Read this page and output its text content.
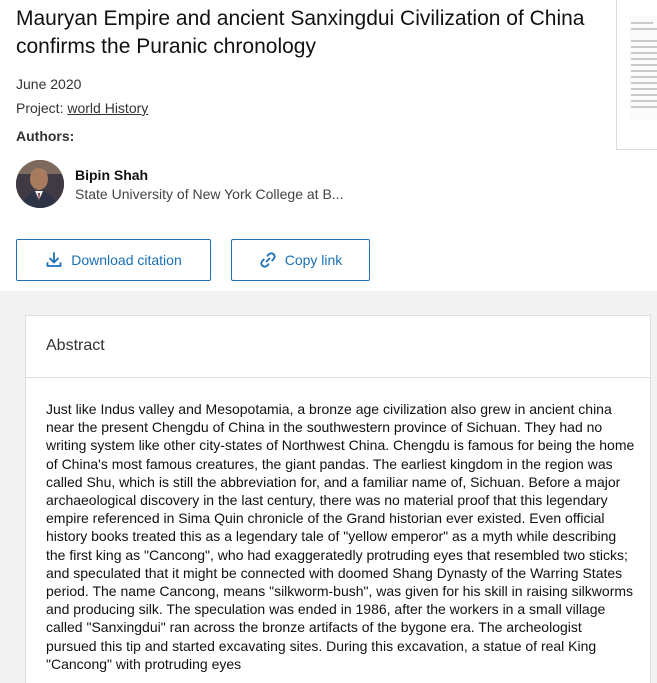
Mauryan Empire and ancient Sanxingdui Civilization of China confirms the Puranic chronology
June 2020
Project: world History
Authors:
Bipin Shah
State University of New York College at B...
Download citation	Copy link
Abstract

Just like Indus valley and Mesopotamia, a bronze age civilization also grew in ancient china near the present Chengdu of China in the southwestern province of Sichuan. They had no writing system like other city-states of Northwest China. Chengdu is famous for being the home of China's most famous creatures, the giant pandas. The earliest kingdom in the region was called Shu, which is still the abbreviation for, and a familiar name of, Sichuan. Before a major archaeological discovery in the last century, there was no material proof that this legendary empire referenced in Sima Quin chronicle of the Grand historian ever existed. Even official history books treated this as a legendary tale of "yellow emperor" as a myth while describing the first king as "Cancong", who had exaggeratedly protruding eyes that resembled two sticks; and speculated that it might be connected with doomed Shang Dynasty of the Warring States period. The name Cancong, means "silkworm-bush", was given for his skill in raising silkworms and producing silk. The speculation was ended in 1986, after the workers in a small village called "Sanxingdui" ran across the bronze artifacts of the bygone era. The archeologist pursued this tip and started excavating sites. During this excavation, a statue of real King "Cancong" with protruding eyes
